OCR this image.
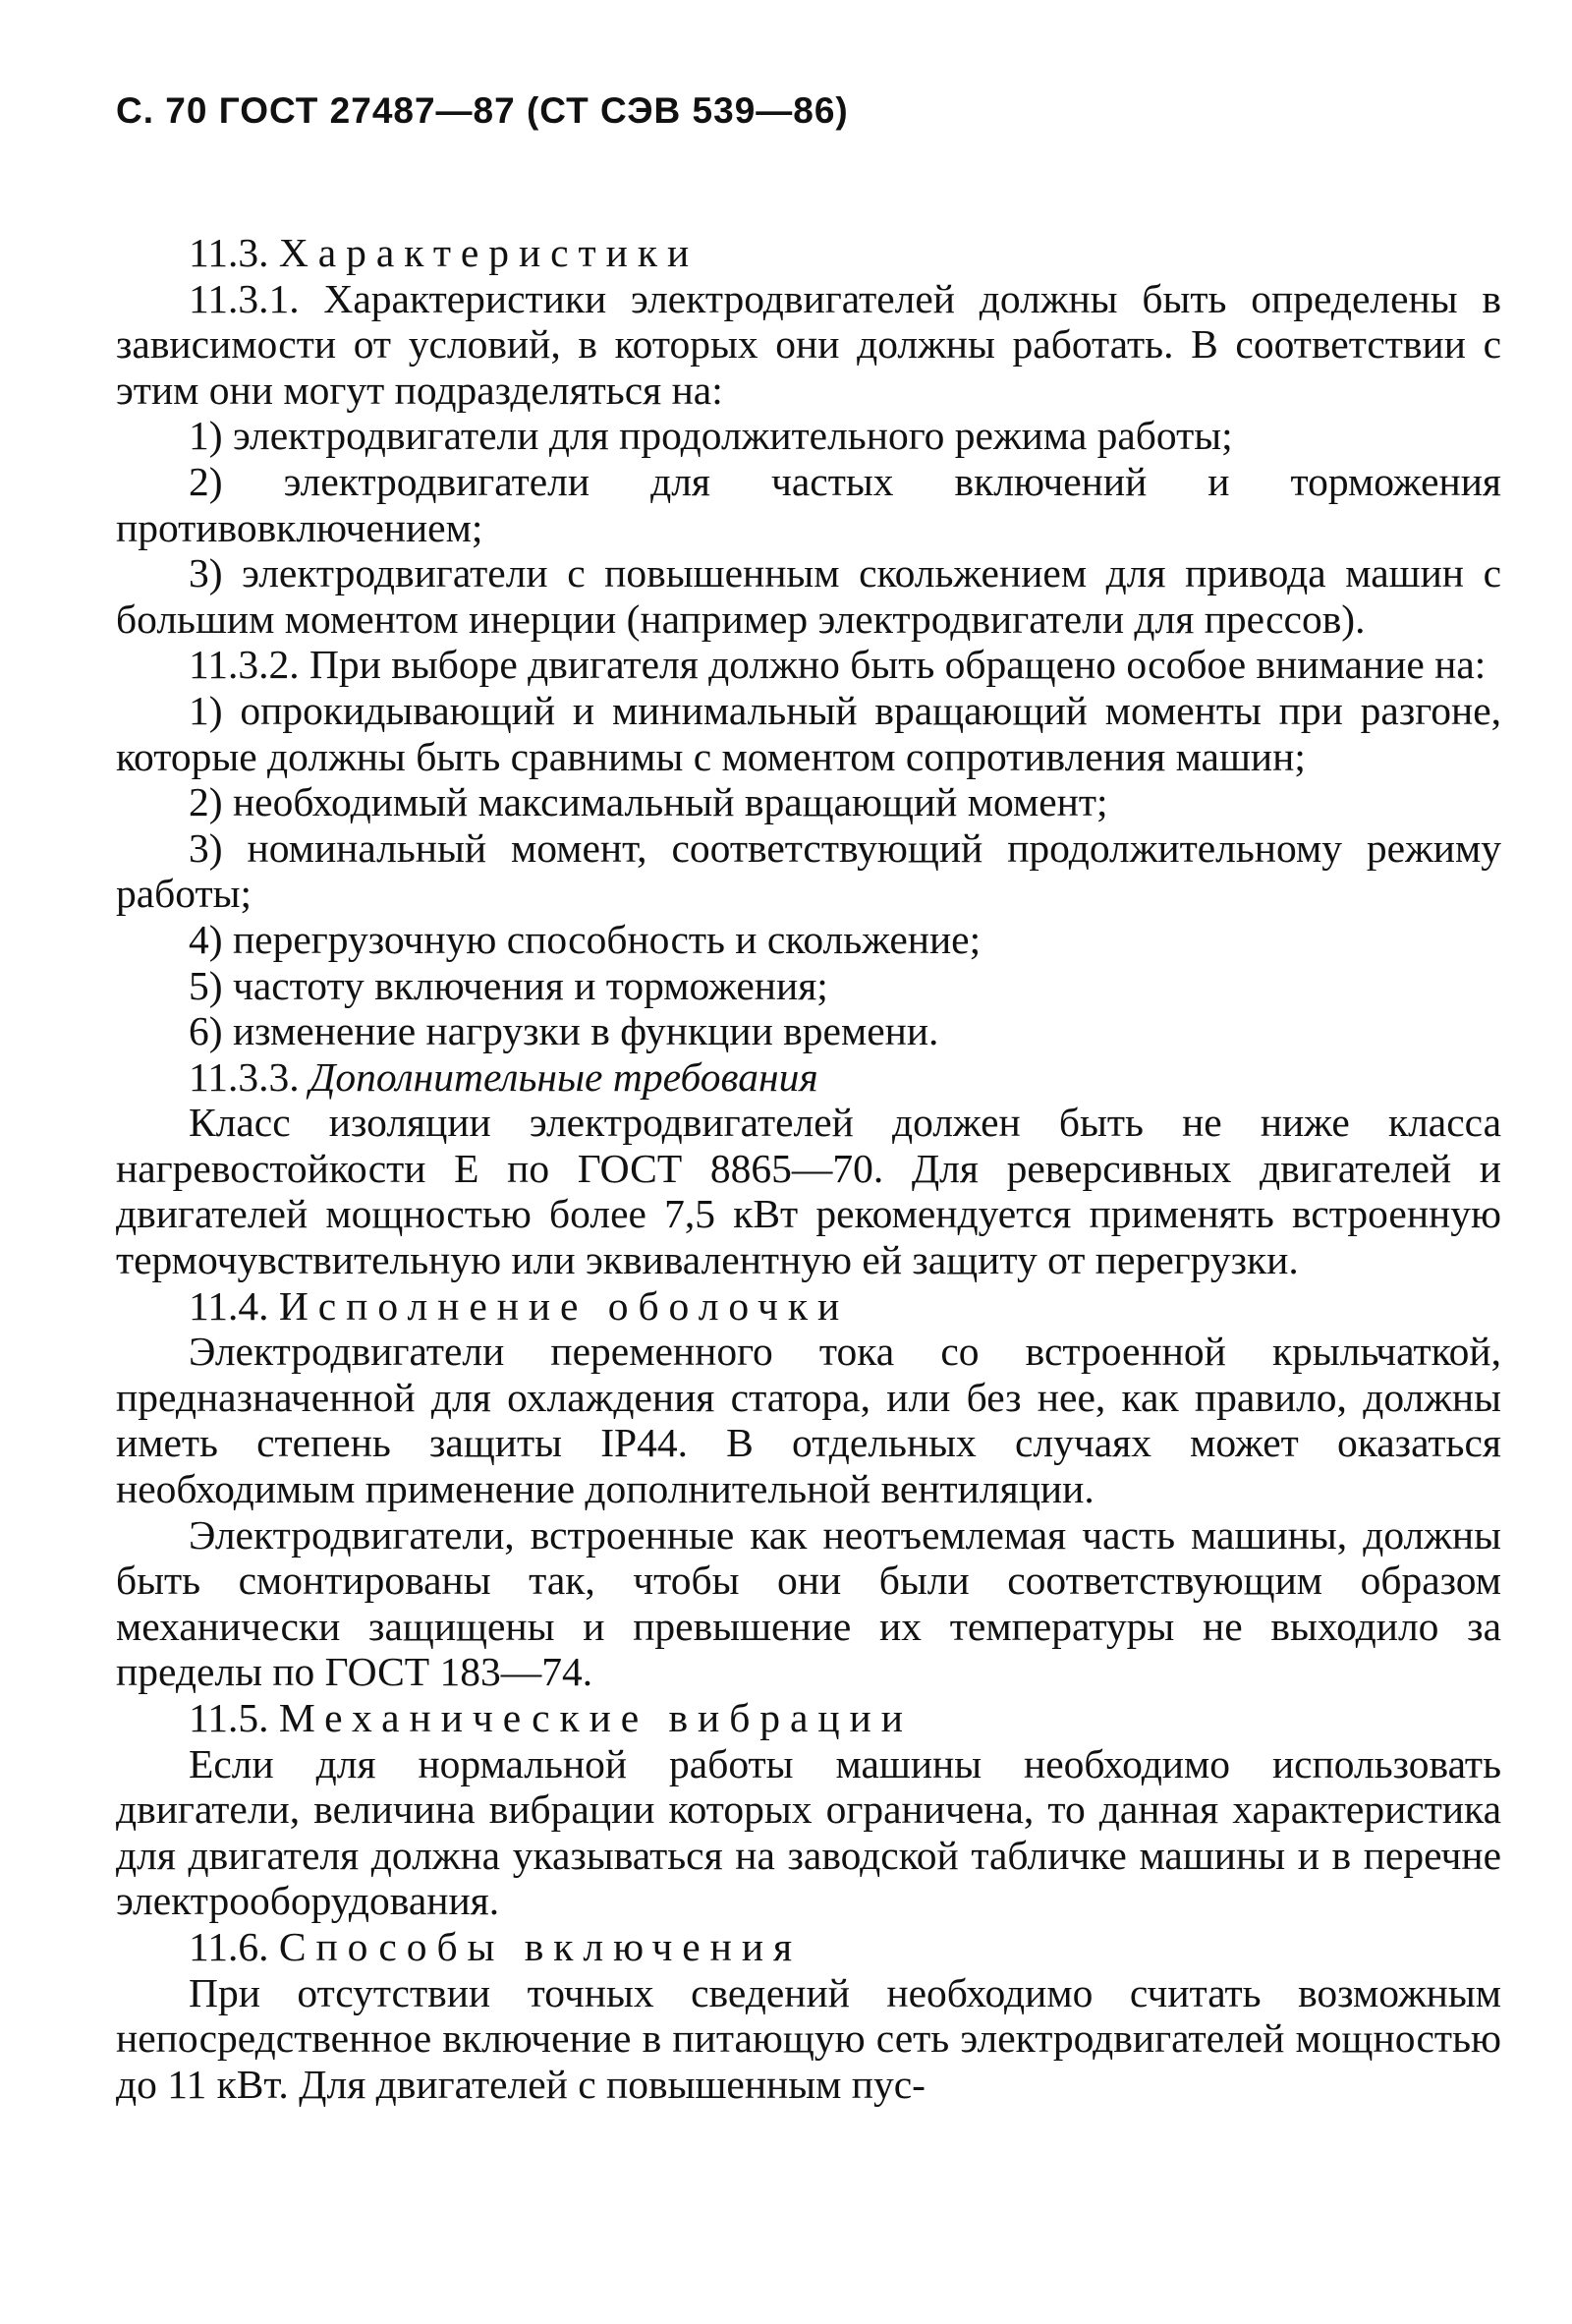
С. 70 ГОСТ 27487—87 (СТ СЭВ 539—86)

11.3. Характеристики

11.3.1. Характеристики электродвигателей должны быть определены в зависимости от условий, в которых они должны работать. В соответствии с этим они могут подразделяться на:

1) электродвигатели для продолжительного режима работы;

2) электродвигатели для частых включений и торможения противовключением;

3) электродвигатели с повышенным скольжением для привода машин с большим моментом инерции (например электродвигатели для прессов).

11.3.2. При выборе двигателя должно быть обращено особое внимание на:

1) опрокидывающий и минимальный вращающий моменты при разгоне, которые должны быть сравнимы с моментом сопротивления машин;

2) необходимый максимальный вращающий момент;

3) номинальный момент, соответствующий продолжительному режиму работы;

4) перегрузочную способность и скольжение;

5) частоту включения и торможения;

6) изменение нагрузки в функции времени.

11.3.3. Дополнительные требования

Класс изоляции электродвигателей должен быть не ниже класса нагревостойкости Е по ГОСТ 8865—70. Для реверсивных двигателей и двигателей мощностью более 7,5 кВт рекомендуется применять встроенную термочувствительную или эквивалентную ей защиту от перегрузки.

11.4. Исполнение оболочки

Электродвигатели переменного тока со встроенной крыльчаткой, предназначенной для охлаждения статора, или без нее, как правило, должны иметь степень защиты IP44. В отдельных случаях может оказаться необходимым применение дополнительной вентиляции.

Электродвигатели, встроенные как неотъемлемая часть машины, должны быть смонтированы так, чтобы они были соответствующим образом механически защищены и превышение их температуры не выходило за пределы по ГОСТ 183—74.

11.5. Механические вибрации

Если для нормальной работы машины необходимо использовать двигатели, величина вибрации которых ограничена, то данная характеристика для двигателя должна указываться на заводской табличке машины и в перечне электрооборудования.

11.6. Способы включения

При отсутствии точных сведений необходимо считать возможным непосредственное включение в питающую сеть электродвигателей мощностью до 11 кВт. Для двигателей с повышенным пус-
